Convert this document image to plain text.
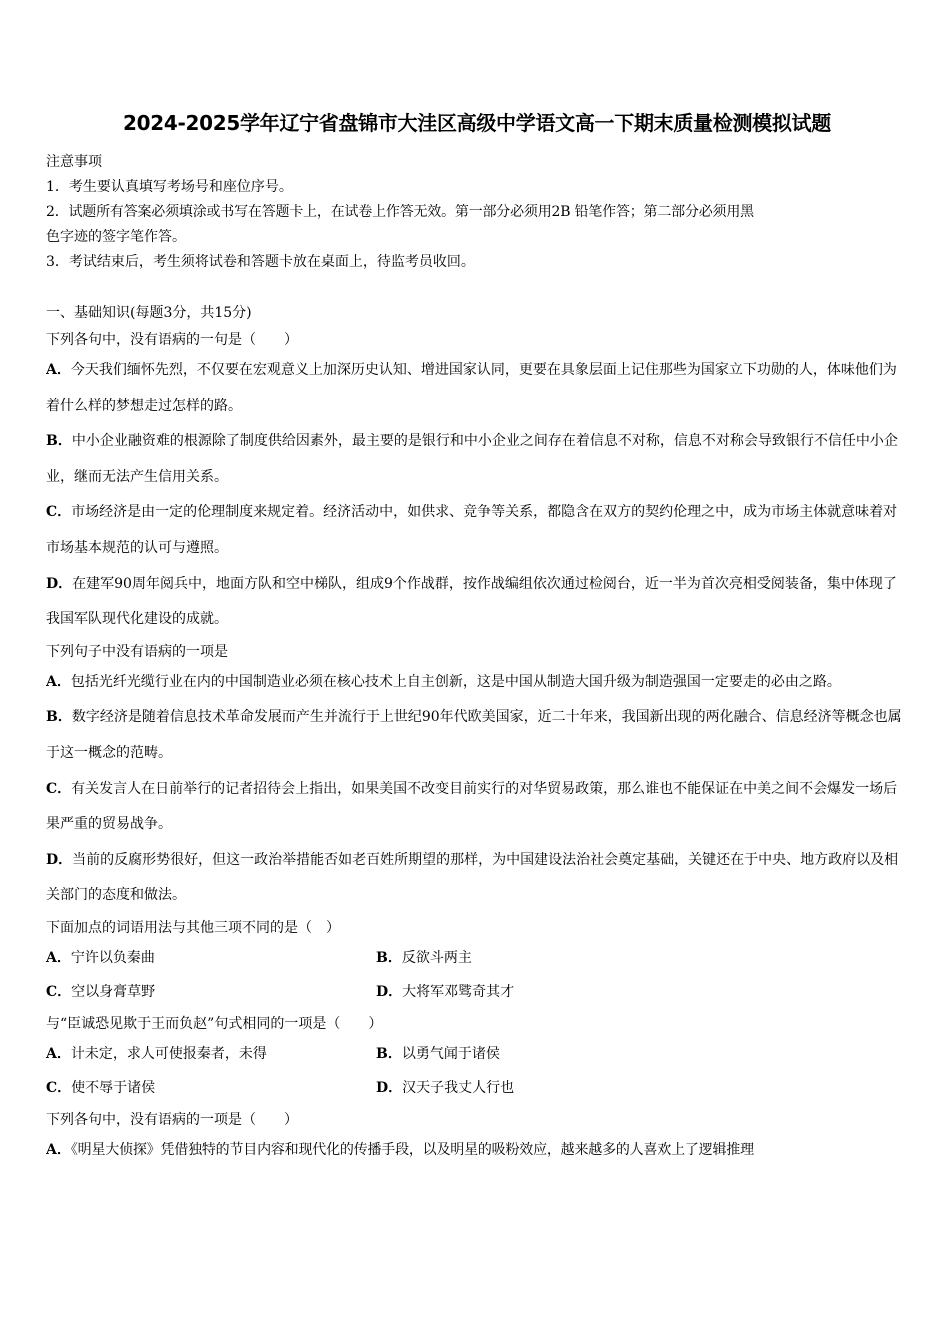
2024-2025学年辽宁省盘锦市大洼区高级中学语文高一下期末质量检测模拟试题
注意事项
1．考生要认真填写考场号和座位序号。
2．试题所有答案必须填涂或书写在答题卡上，在试卷上作答无效。第一部分必须用2B 铅笔作答；第二部分必须用黑
色字迹的签字笔作答。
3．考试结束后，考生须将试卷和答题卡放在桌面上，待监考员收回。
一、基础知识(每题3分，共15分)
下列各句中，没有语病的一句是（　　）
A．今天我们缅怀先烈，不仅要在宏观意义上加深历史认知、增进国家认同，更要在具象层面上记住那些为国家立下功勋的人，体味他们为着什么样的梦想走过怎样的路。
B．中小企业融资难的根源除了制度供给因素外，最主要的是银行和中小企业之间存在着信息不对称，信息不对称会导致银行不信任中小企业，继而无法产生信用关系。
C．市场经济是由一定的伦理制度来规定着。经济活动中，如供求、竞争等关系，都隐含在双方的契约伦理之中，成为市场主体就意味着对市场基本规范的认可与遵照。
D．在建军90周年阅兵中，地面方队和空中梯队，组成9个作战群，按作战编组依次通过检阅台，近一半为首次亮相受阅装备，集中体现了我国军队现代化建设的成就。
下列句子中没有语病的一项是
A．包括光纤光缆行业在内的中国制造业必须在核心技术上自主创新，这是中国从制造大国升级为制造强国一定要走的必由之路。
B．数字经济是随着信息技术革命发展而产生并流行于上世纪90年代欧美国家，近二十年来，我国新出现的两化融合、信息经济等概念也属于这一概念的范畴。
C．有关发言人在日前举行的记者招待会上指出，如果美国不改变目前实行的对华贸易政策，那么谁也不能保证在中美之间不会爆发一场后果严重的贸易战争。
D．当前的反腐形势很好，但这一政治举措能否如老百姓所期望的那样，为中国建设法治社会奠定基础，关键还在于中央、地方政府以及相关部门的态度和做法。
下面加点的词语用法与其他三项不同的是（　）
A．宁许以负秦曲	B．反欲斗两主
C．空以身膏草野	D．大将军邓骘奇其才
与“臣诚恐见欺于王而负赵”句式相同的一项是（　　）
A．计未定，求人可使报秦者，未得	B．以勇气闻于诸侯
C．使不辱于诸侯	D．汉天子我丈人行也
下列各句中，没有语病的一项是（　　）
A．《明星大侦探》凭借独特的节目内容和现代化的传播手段，以及明星的吸粉效应，越来越多的人喜欢上了逻辑推理
